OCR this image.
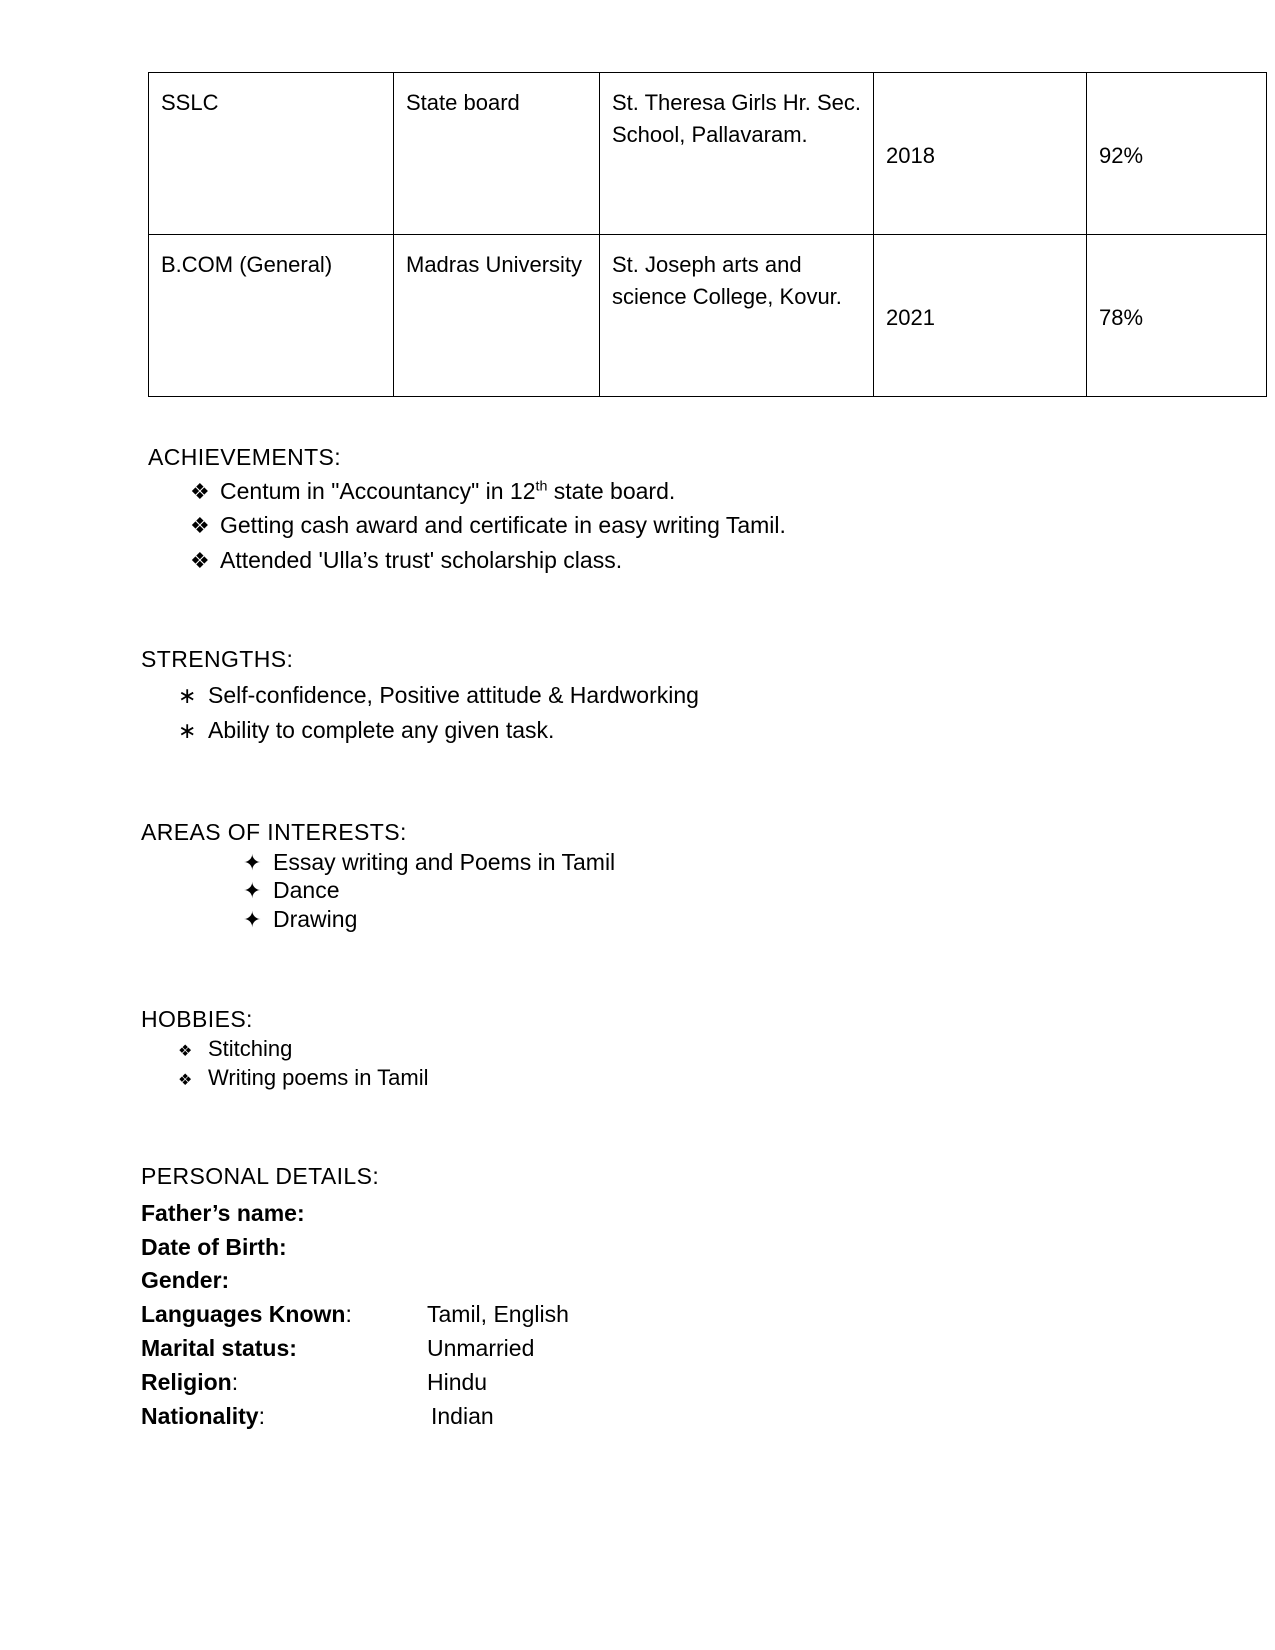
SSLC	State board	St. Theresa Girls Hr. Sec. School, Pallavaram.	2018	92%
B.COM (General)	Madras University	St. Joseph arts and science College, Kovur.	2021	78%
ACHIEVEMENTS:
❖ Centum in "Accountancy" in 12th state board.
❖ Getting cash award and certificate in easy writing Tamil.
❖ Attended 'Ulla’s trust' scholarship class.
STRENGTHS:
∗ Self-confidence, Positive attitude & Hardworking
∗ Ability to complete any given task.
AREAS OF INTERESTS:
✦ Essay writing and Poems in Tamil
✦ Dance
✦ Drawing
HOBBIES:
❖ Stitching
❖ Writing poems in Tamil
PERSONAL DETAILS:
Father’s name:
Date of Birth:
Gender:
Languages Known:	Tamil, English
Marital status:	Unmarried
Religion:	Hindu
Nationality:	Indian
